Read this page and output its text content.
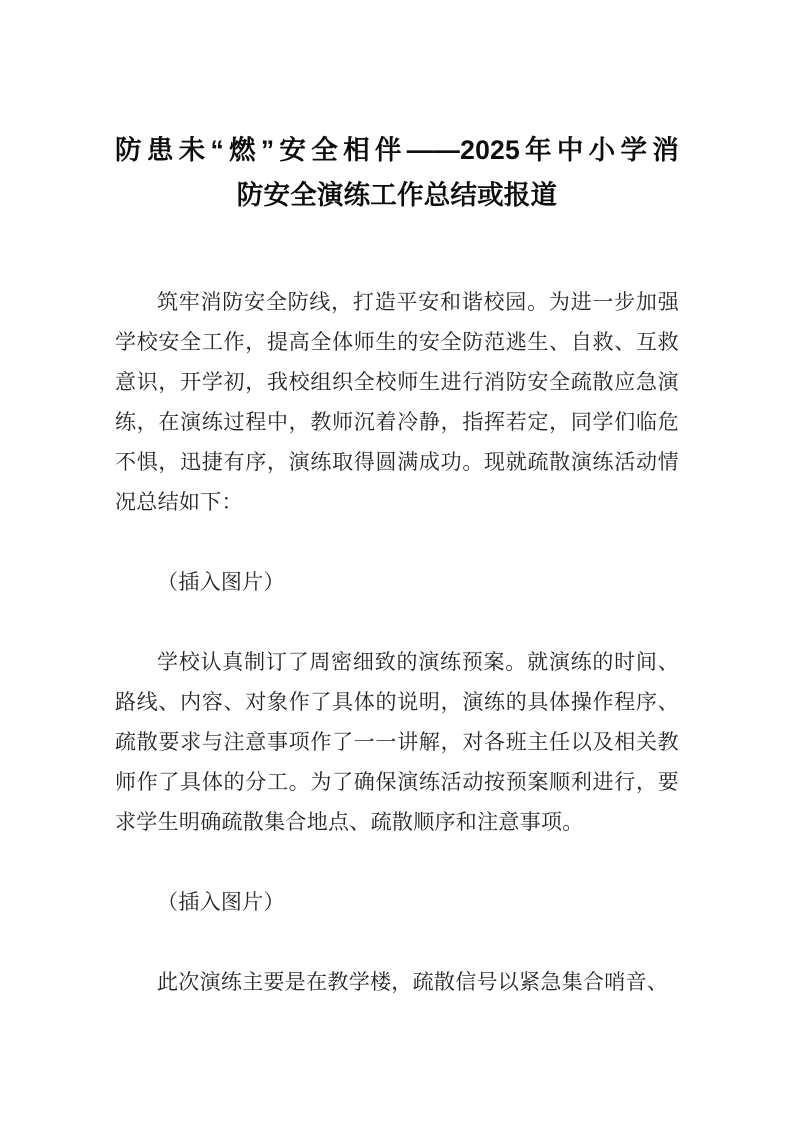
防患未“燃”安全相伴——2025年中小学消
防安全演练工作总结或报道

筑牢消防安全防线，打造平安和谐校园。为进一步加强学校安全工作，提高全体师生的安全防范逃生、自救、互救意识，开学初，我校组织全校师生进行消防安全疏散应急演练，在演练过程中，教师沉着冷静，指挥若定，同学们临危不惧，迅捷有序，演练取得圆满成功。现就疏散演练活动情况总结如下：

（插入图片）

学校认真制订了周密细致的演练预案。就演练的时间、路线、内容、对象作了具体的说明，演练的具体操作程序、疏散要求与注意事项作了一一讲解，对各班主任以及相关教师作了具体的分工。为了确保演练活动按预案顺利进行，要求学生明确疏散集合地点、疏散顺序和注意事项。

（插入图片）

此次演练主要是在教学楼，疏散信号以紧急集合哨音、
